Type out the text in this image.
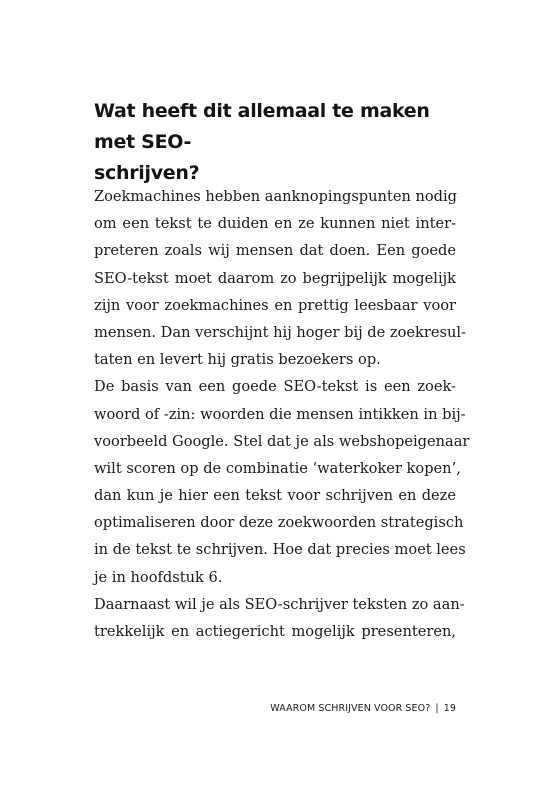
Wat heeft dit allemaal te maken met SEO-
schrijven?
Zoekmachines hebben aanknopingspunten nodig
om een tekst te duiden en ze kunnen niet inter-
preteren zoals wij mensen dat doen. Een goede
SEO-tekst moet daarom zo begrijpelijk mogelijk
zijn voor zoekmachines en prettig leesbaar voor
mensen. Dan verschijnt hij hoger bij de zoekresul-
taten en levert hij gratis bezoekers op.
De basis van een goede SEO-tekst is een zoek-
woord of -zin: woorden die mensen intikken in bij-
voorbeeld Google. Stel dat je als webshopeigenaar
wilt scoren op de combinatie ‘waterkoker kopen’,
dan kun je hier een tekst voor schrijven en deze
optimaliseren door deze zoekwoorden strategisch
in de tekst te schrijven. Hoe dat precies moet lees
je in hoofdstuk 6.
Daarnaast wil je als SEO-schrijver teksten zo aan-
trekkelijk en actiegericht mogelijk presenteren,
WAAROM SCHRIJVEN VOOR SEO? | 19
